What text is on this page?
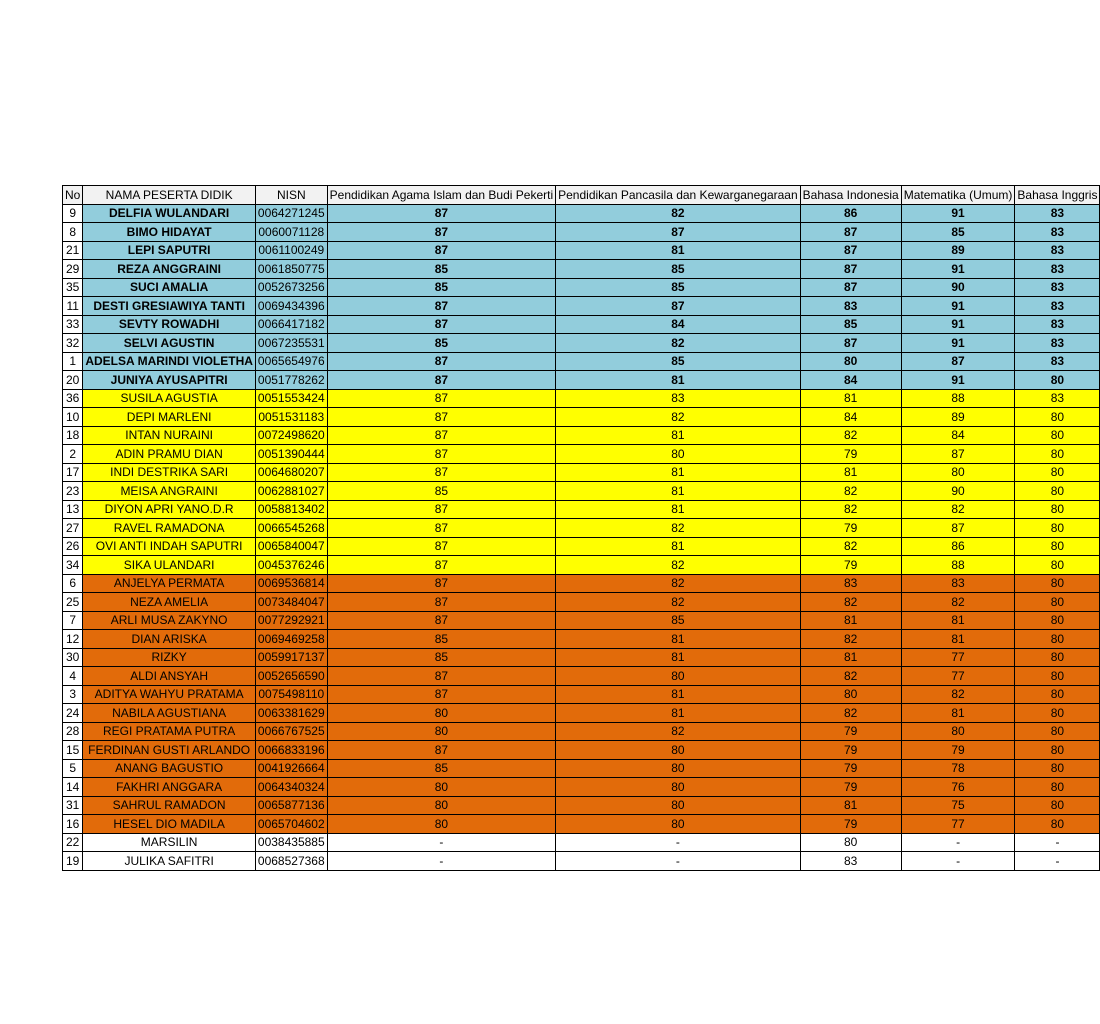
No	NAMA PESERTA DIDIK	NISN	Pendidikan Agama Islam dan Budi Pekerti	Pendidikan Pancasila dan Kewarganegaraan	Bahasa Indonesia	Matematika (Umum)	Bahasa Inggris
9	DELFIA WULANDARI	0064271245	87	82	86	91	83
8	BIMO HIDAYAT	0060071128	87	87	87	85	83
21	LEPI SAPUTRI	0061100249	87	81	87	89	83
29	REZA ANGGRAINI	0061850775	85	85	87	91	83
35	SUCI AMALIA	0052673256	85	85	87	90	83
11	DESTI GRESIAWIYA TANTI	0069434396	87	87	83	91	83
33	SEVTY ROWADHI	0066417182	87	84	85	91	83
32	SELVI AGUSTIN	0067235531	85	82	87	91	83
1	ADELSA MARINDI VIOLETHA	0065654976	87	85	80	87	83
20	JUNIYA AYUSAPITRI	0051778262	87	81	84	91	80
36	SUSILA AGUSTIA	0051553424	87	83	81	88	83
10	DEPI MARLENI	0051531183	87	82	84	89	80
18	INTAN NURAINI	0072498620	87	81	82	84	80
2	ADIN PRAMU DIAN	0051390444	87	80	79	87	80
17	INDI DESTRIKA SARI	0064680207	87	81	81	80	80
23	MEISA ANGRAINI	0062881027	85	81	82	90	80
13	DIYON APRI YANO.D.R	0058813402	87	81	82	82	80
27	RAVEL RAMADONA	0066545268	87	82	79	87	80
26	OVI ANTI INDAH SAPUTRI	0065840047	87	81	82	86	80
34	SIKA ULANDARI	0045376246	87	82	79	88	80
6	ANJELYA PERMATA	0069536814	87	82	83	83	80
25	NEZA AMELIA	0073484047	87	82	82	82	80
7	ARLI MUSA ZAKYNO	0077292921	87	85	81	81	80
12	DIAN ARISKA	0069469258	85	81	82	81	80
30	RIZKY	0059917137	85	81	81	77	80
4	ALDI ANSYAH	0052656590	87	80	82	77	80
3	ADITYA WAHYU PRATAMA	0075498110	87	81	80	82	80
24	NABILA AGUSTIANA	0063381629	80	81	82	81	80
28	REGI PRATAMA PUTRA	0066767525	80	82	79	80	80
15	FERDINAN GUSTI ARLANDO	0066833196	87	80	79	79	80
5	ANANG BAGUSTIO	0041926664	85	80	79	78	80
14	FAKHRI ANGGARA	0064340324	80	80	79	76	80
31	SAHRUL RAMADON	0065877136	80	80	81	75	80
16	HESEL DIO MADILA	0065704602	80	80	79	77	80
22	MARSILIN	0038435885	-	-	80	-	-
19	JULIKA SAFITRI	0068527368	-	-	83	-	-
